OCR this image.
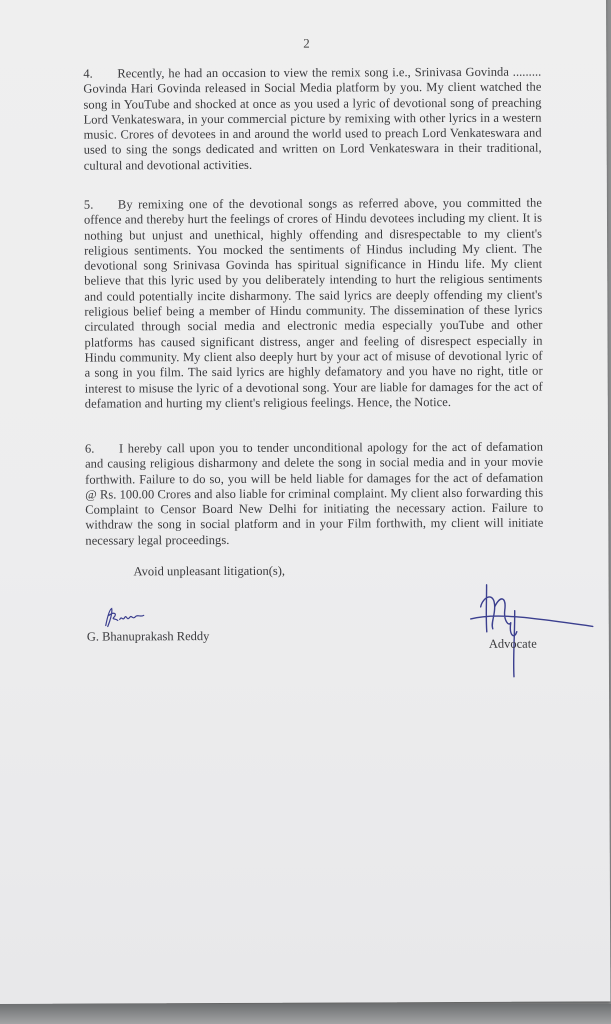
2

4. Recently, he had an occasion to view the remix song i.e., Srinivasa Govinda ......... Govinda Hari Govinda released in Social Media platform by you. My client watched the song in YouTube and shocked at once as you used a lyric of devotional song of preaching Lord Venkateswara, in your commercial picture by remixing with other lyrics in a western music. Crores of devotees in and around the world used to preach Lord Venkateswara and used to sing the songs dedicated and written on Lord Venkateswara in their traditional, cultural and devotional activities.

5. By remixing one of the devotional songs as referred above, you committed the offence and thereby hurt the feelings of crores of Hindu devotees including my client. It is nothing but unjust and unethical, highly offending and disrespectable to my client's religious sentiments. You mocked the sentiments of Hindus including My client. The devotional song Srinivasa Govinda has spiritual significance in Hindu life. My client believe that this lyric used by you deliberately intending to hurt the religious sentiments and could potentially incite disharmony. The said lyrics are deeply offending my client's religious belief being a member of Hindu community. The dissemination of these lyrics circulated through social media and electronic media especially youTube and other platforms has caused significant distress, anger and feeling of disrespect especially in Hindu community. My client also deeply hurt by your act of misuse of devotional lyric of a song in you film. The said lyrics are highly defamatory and you have no right, title or interest to misuse the lyric of a devotional song. Your are liable for damages for the act of defamation and hurting my client's religious feelings. Hence, the Notice.

6. I hereby call upon you to tender unconditional apology for the act of defamation and causing religious disharmony and delete the song in social media and in your movie forthwith. Failure to do so, you will be held liable for damages for the act of defamation @ Rs. 100.00 Crores and also liable for criminal complaint. My client also forwarding this Complaint to Censor Board New Delhi for initiating the necessary action. Failure to withdraw the song in social platform and in your Film forthwith, my client will initiate necessary legal proceedings.

Avoid unpleasant litigation(s),
G. Bhanuprakash Reddy
Advocate
